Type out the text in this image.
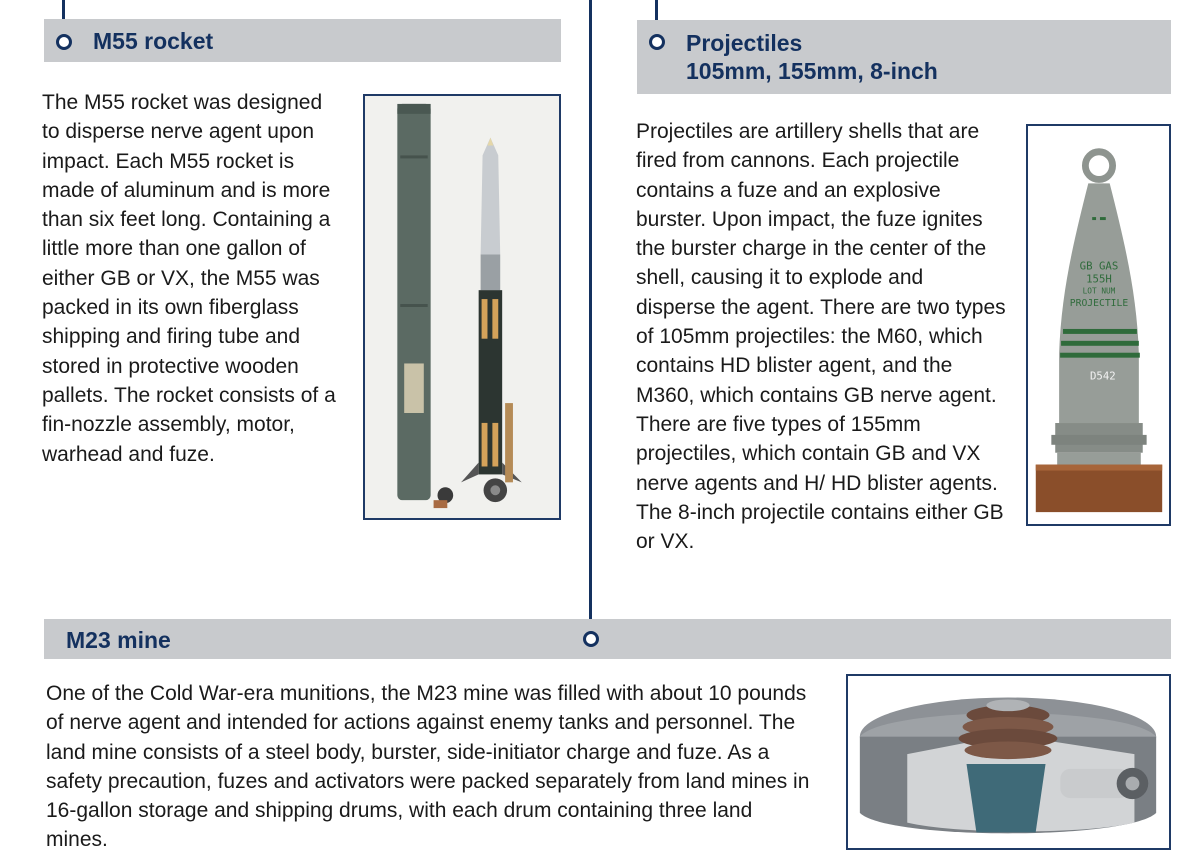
M55 rocket

The M55 rocket was designed to disperse nerve agent upon impact. Each M55 rocket is made of aluminum and is more than six feet long. Containing a little more than one gallon of either GB or VX, the M55 was packed in its own fiberglass shipping and firing tube and stored in protective wooden pallets. The rocket consists of a fin-nozzle assembly, motor, warhead and fuze.

Projectiles
105mm, 155mm, 8-inch

Projectiles are artillery shells that are fired from cannons. Each projectile contains a fuze and an explosive burster. Upon impact, the fuze ignites the burster charge in the center of the shell, causing it to explode and disperse the agent. There are two types of 105mm projectiles: the M60, which contains HD blister agent, and the M360, which contains GB nerve agent. There are five types of 155mm projectiles, which contain GB and VX nerve agents and H/ HD blister agents. The 8-inch projectile contains either GB or VX.

GB GAS
155H
LOT NUM
PROJECTILE
D542
M23 mine

One of the Cold War-era munitions, the M23 mine was filled with about 10 pounds of nerve agent and intended for actions against enemy tanks and personnel. The land mine consists of a steel body, burster, side-initiator charge and fuze. As a safety precaution, fuzes and activators were packed separately from land mines in 16-gallon storage and shipping drums, with each drum containing three land mines.
